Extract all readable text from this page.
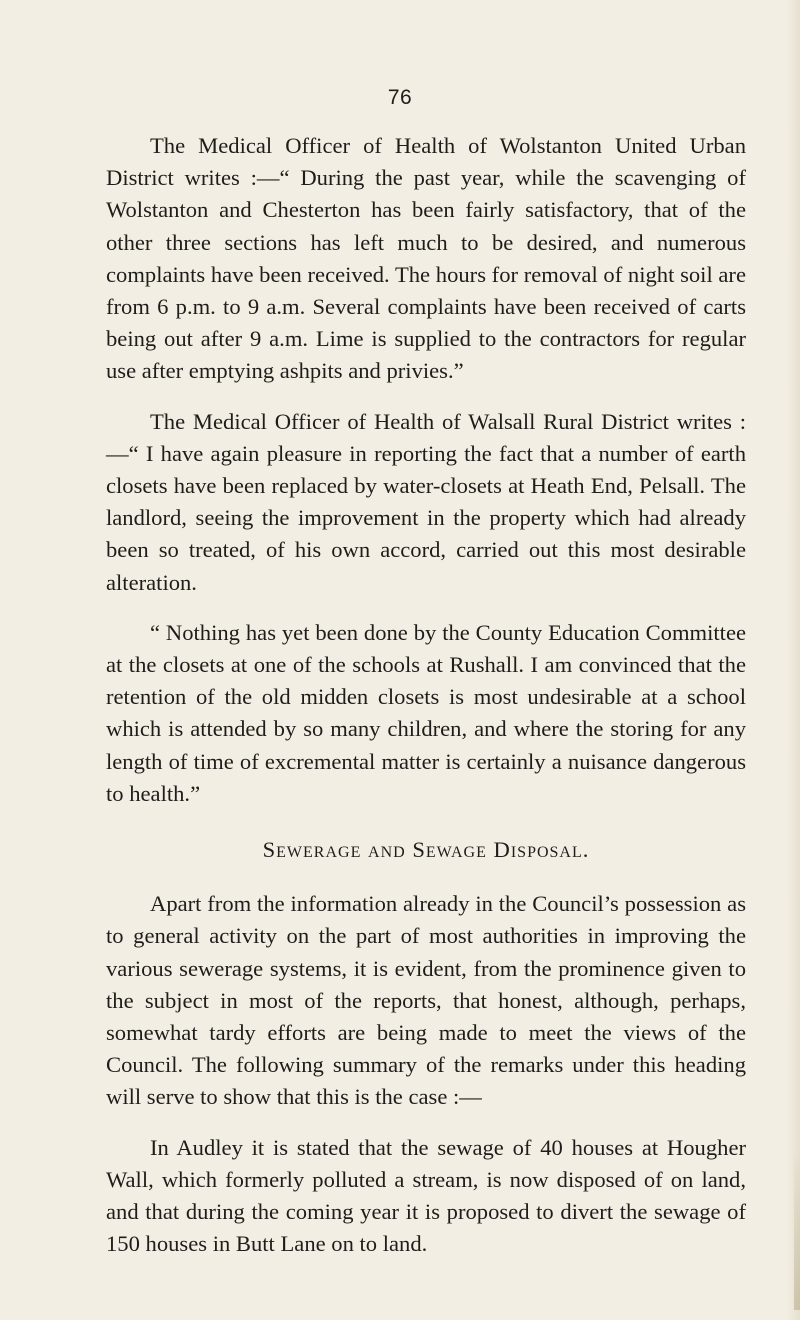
76

The Medical Officer of Health of Wolstanton United Urban District writes :—“ During the past year, while the scavenging of Wolstanton and Chesterton has been fairly satisfactory, that of the other three sections has left much to be desired, and numerous complaints have been received. The hours for removal of night soil are from 6 p.m. to 9 a.m. Several complaints have been received of carts being out after 9 a.m. Lime is supplied to the contractors for regular use after emptying ashpits and privies.”

The Medical Officer of Health of Walsall Rural District writes :—“ I have again pleasure in reporting the fact that a number of earth closets have been replaced by water-closets at Heath End, Pelsall. The landlord, seeing the improvement in the property which had already been so treated, of his own accord, carried out this most desirable alteration.

“ Nothing has yet been done by the County Education Committee at the closets at one of the schools at Rushall. I am convinced that the retention of the old midden closets is most undesirable at a school which is attended by so many children, and where the storing for any length of time of excremental matter is certainly a nuisance dangerous to health.”

Sewerage and Sewage Disposal.

Apart from the information already in the Council’s possession as to general activity on the part of most authorities in improving the various sewerage systems, it is evident, from the prominence given to the subject in most of the reports, that honest, although, perhaps, somewhat tardy efforts are being made to meet the views of the Council. The following summary of the remarks under this heading will serve to show that this is the case :—

In Audley it is stated that the sewage of 40 houses at Hougher Wall, which formerly polluted a stream, is now disposed of on land, and that during the coming year it is proposed to divert the sewage of 150 houses in Butt Lane on to land.
